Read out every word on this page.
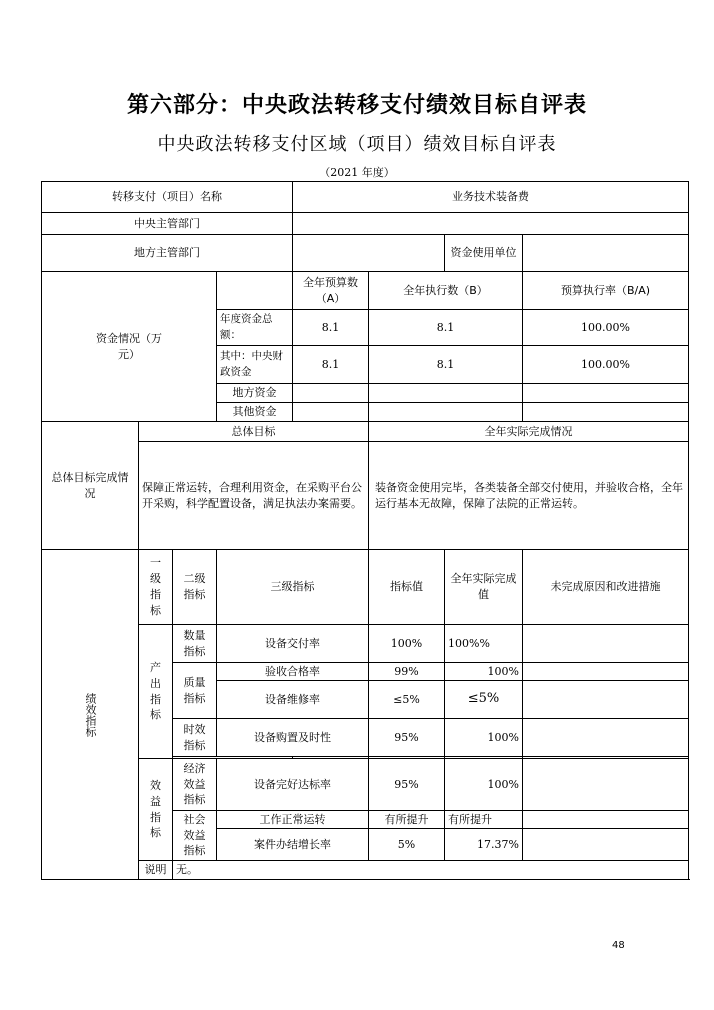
第六部分：中央政法转移支付绩效目标自评表
中央政法转移支付区域（项目）绩效目标自评表
（2021 年度）
转移支付（项目）名称				业务技术装备费			
中央主管部门							
地方主管部门						资金使用单位	

资金情况（万元）				全年预算数（A）	全年执行数（B）		预算执行率（B/A)
			年度资金总额：	8.1	8.1		100.00%
			其中：中央财政资金	8.1	8.1		100.00%
			地方资金				
			其他资金				

总体目标完成情况	总体目标				全年实际完成情况		
	保障正常运转，合理利用资金，在采购平台公开采购，科学配置设备，满足执法办案需要。				装备资金使用完毕，各类装备全部交付使用，并验收合格，全年运行基本无故障，保障了法院的正常运转。		

绩效指标	一级指标	二级指标	三级指标		指标值	全年实际完成值	未完成原因和改进措施

	产出指标	数量指标	设备交付率		100%	100%%	

		质量指标	验收合格率		99%	100%	
			设备维修率		≤5%	≤5%	

		时效指标	设备购置及时性		95%	100%	

	效益指标	经济效益指标	设备完好达标率		95%	100%	

		社会效益指标	工作正常运转		有所提升	有所提升	
			案件办结增长率		5%	17.37%	
	说明	无。					
48
